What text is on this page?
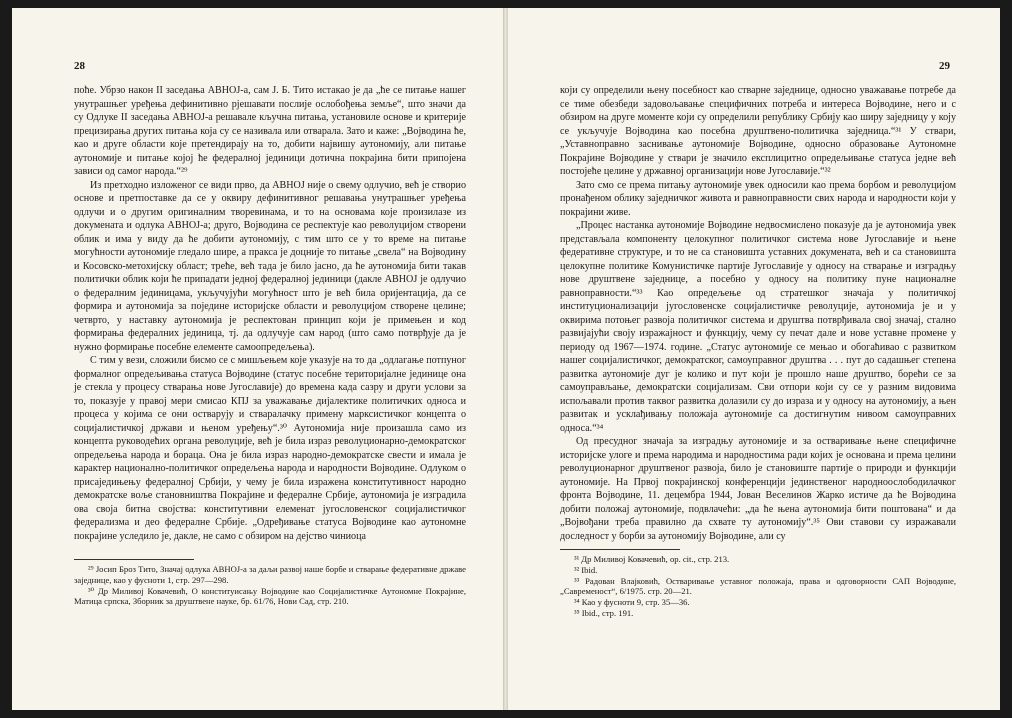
28

поће. Убрзо након II заседања АВНОЈ-а, сам Ј. Б. Тито истакао је да „ће се питање нашег унутрашњег уређења дефинитивно рјешавати послије ослобођења земље“, што значи да су Одлуке II заседања АВНОЈ-а решавале кључна питања, установиле основе и критерије прецизирања других питања која су се називала или отварала. Зато и каже: „Војводина ће, као и друге области које претендирају на то, добити највишу аутономију, али питање аутономије и питање којој ће федералној јединици дотична покрајина бити припојена зависи од самог народа.“²⁹

Из претходно изложеног се види прво, да АВНОЈ није о свему одлучио, већ је створио основе и претпоставке да се у оквиру дефинитивног решавања унутрашњег уређења одлучи и о другим оригиналним творевинама, и то на основама које произилазе из докумената и одлука АВНОЈ-а; друго, Војводина се респектује као револуцијом створени облик и има у виду да ће добити аутономију, с тим што се у то време на питање могућности аутономије гледало шире, а пракса је доцније то питање „свела“ на Војводину и Косовско-метохијску област; треће, већ тада је било јасно, да ће аутономија бити такав политички облик који ће припадати једној федералној јединици (дакле АВНОЈ је одлучио о федералним јединицама, укључујући могућност што је већ била оријентација, да се формира и аутономија за поједине историјске области и револуцијом створене целине; четврто, у наставку аутономија је респектован принцип који је примењен и код формирања федералних јединица, тј. да одлучује сам народ (што само потврђује да је нужно формирање посебне елементе самоопредељења).

С тим у вези, сложили бисмо се с мишљењем које указује на то да „одлагање потпуног формалног опредељивања статуса Војводине (статус посебне територијалне јединице она је стекла у процесу стварања нове Југославије) до времена када сазру и други услови за то, показује у правој мери смисао КПЈ за уважавање дијалектике политичких односа и процеса у којима се они остварују и стваралачку примену марксистичког концепта о социјалистичкој држави и њеном уређењу“.³⁰ Аутономија није произашла само из концепта руководећих органа револуције, већ је била израз револуционарно-демократског опредељења народа и бораца. Она је била израз народно-демократске свести и имала је карактер национално-политичког опредељења народа и народности Војводине. Одлуком о присаједињењу федералној Србији, у чему је била изражена конститутивност народно демократске воље становништва Покрајине и федералне Србије, аутономија је изградила ова своја битна својства: конститутивни елеменат југословенског социјалистичког федерализма и део федералне Србије. „Одређивање статуса Војводине као аутономне покрајине уследило је, дакле, не само с обзиром на дејство чиниоца

²⁹ Јосип Броз Тито, Значај одлука АВНОЈ-а за даљи развој наше борбе и стварање федеративне државе заједнице, као у фусноти 1, стр. 297—298.

³⁰ Др Миливој Ковачевић, О конституисању Војводине као Социјалистичке Аутономне Покрајине, Матица српска, Зборник за друштвене науке, бр. 61/76, Нови Сад, стр. 210.

29

који су определили њену посебност као стварне заједнице, односно уважавање потребе да се тиме обезбеди задовољавање специфичних потреба и интереса Војводине, него и с обзиром на друге моменте који су определили републику Србију као ширу заједницу у коју се укључује Војводина као посебна друштвено-политичка заједница.“³¹ У ствари, „Уставноправно заснивање аутономије Војводине, односно образовање Аутономне Покрајине Војводине у ствари је значило експлицитно опредељивање статуса једне већ постојеће целине у државној организацији нове Југославије.“³²

Зато смо се према питању аутономије увек односили као према борбом и револуцијом пронађеном облику заједничког живота и равноправности свих народа и народности који у покрајини живе.

„Процес настанка аутономије Војводине недвосмислено показује да је аутономија увек представљала компоненту целокупног политичког система нове Југославије и њене федеративне структуре, и то не са становишта уставних докумената, већ и са становишта целокупне политике Комунистичке партије Југославије у односу на стварање и изградњу нове друштвене заједнице, а посебно у односу на политику пуне националне равноправности.“³³ Као опредељење од стратешког значаја у политичкој институционализацији југословенске социјалистичке револуције, аутономија је и у оквирима потоњег развоја политичког система и друштва потврђивала свој значај, стално развијајући своју изражајност и функцију, чему су печат дале и нове уставне промене у периоду од 1967—1974. године. „Статус аутономије се мењао и обогаћивао с развитком нашег социјалистичког, демократског, самоуправног друштва . . . пут до садашњег степена развитка аутономије дуг је колико и пут који је прошло наше друштво, борећи се за самоуправљање, демократски социјализам. Сви отпори који су се у разним видовима испољавали против таквог развитка долазили су до израза и у односу на аутономију, а њен развитак и усклађивању положаја аутономије са достигнутим нивоом самоуправних односа.“³⁴

Од пресудног значаја за изградњу аутономије и за остваривање њене специфичне историјске улоге и према народима и народностима ради којих је основана и према целини револуционарног друштвеног развоја, било је становиште партије о природи и функцији аутономије. На Првој покрајинској конференцији јединственог народноослободилачког фронта Војводине, 11. децембра 1944, Јован Веселинов Жарко истиче да ће Војводина добити положај аутономије, подвлачећи: „да ће њена аутономија бити поштована“ и да „Војвођани треба правилно да схвате ту аутономију“.³⁵ Ови ставови су изражавали доследност у борби за аутономију Војводине, али су

³¹ Др Миливој Ковачевић, op. cit., стр. 213.

³² Ibid.

³³ Радован Влајковић, Остваривање уставног положаја, права и одговорности САП Војводине, „Савременост“, 6/1975. стр. 20—21.

³⁴ Као у фусноти 9, стр. 35—36.

³⁵ Ibid., стр. 191.
